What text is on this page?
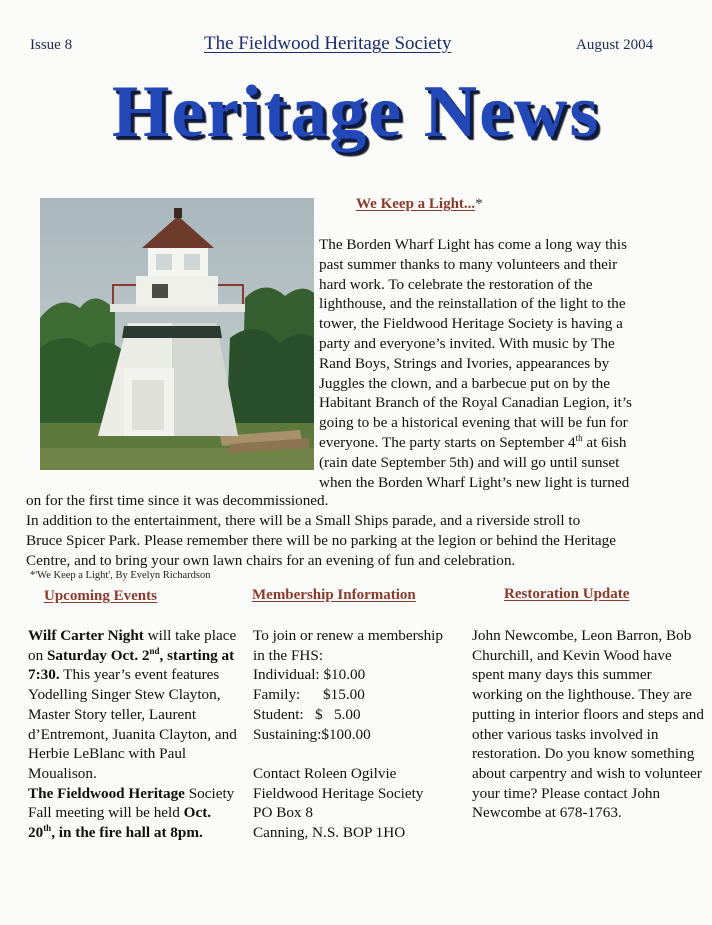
Issue 8	The Fieldwood Heritage Society	August 2004
Heritage News
We Keep a Light...*
The Borden Wharf Light has come a long way this
past summer thanks to many volunteers and their
hard work. To celebrate the restoration of the
lighthouse, and the reinstallation of the light to the
tower, the Fieldwood Heritage Society is having a
party and everyone’s invited. With music by The
Rand Boys, Strings and Ivories, appearances by
Juggles the clown, and a barbecue put on by the
Habitant Branch of the Royal Canadian Legion, it’s
going to be a historical evening that will be fun for
everyone. The party starts on September 4th at 6ish
(rain date September 5th) and will go until sunset
when the Borden Wharf Light’s new light is turned
on for the first time since it was decommissioned.
In addition to the entertainment, there will be a Small Ships parade, and a riverside stroll to
Bruce Spicer Park. Please remember there will be no parking at the legion or behind the Heritage
Centre, and to bring your own lawn chairs for an evening of fun and celebration.
*'We Keep a Light', By Evelyn Richardson
Upcoming Events	Membership Information	Restoration Update
Wilf Carter Night will take place on Saturday Oct. 2nd, starting at 7:30. This year’s event features Yodelling Singer Stew Clayton, Master Story teller, Laurent d’Entremont, Juanita Clayton, and Herbie LeBlanc with Paul Moualison.
The Fieldwood Heritage Society Fall meeting will be held Oct. 20th, in the fire hall at 8pm.
To join or renew a membership in the FHS:
Individual: $10.00
Family:      $15.00
Student:   $   5.00
Sustaining:$100.00
Contact Roleen Ogilvie
Fieldwood Heritage Society
PO Box 8
Canning, N.S. BOP 1HO
John Newcombe, Leon Barron, Bob Churchill, and Kevin Wood have spent many days this summer working on the lighthouse. They are putting in interior floors and steps and other various tasks involved in restoration. Do you know something about carpentry and wish to volunteer your time? Please contact John Newcombe at 678-1763.
